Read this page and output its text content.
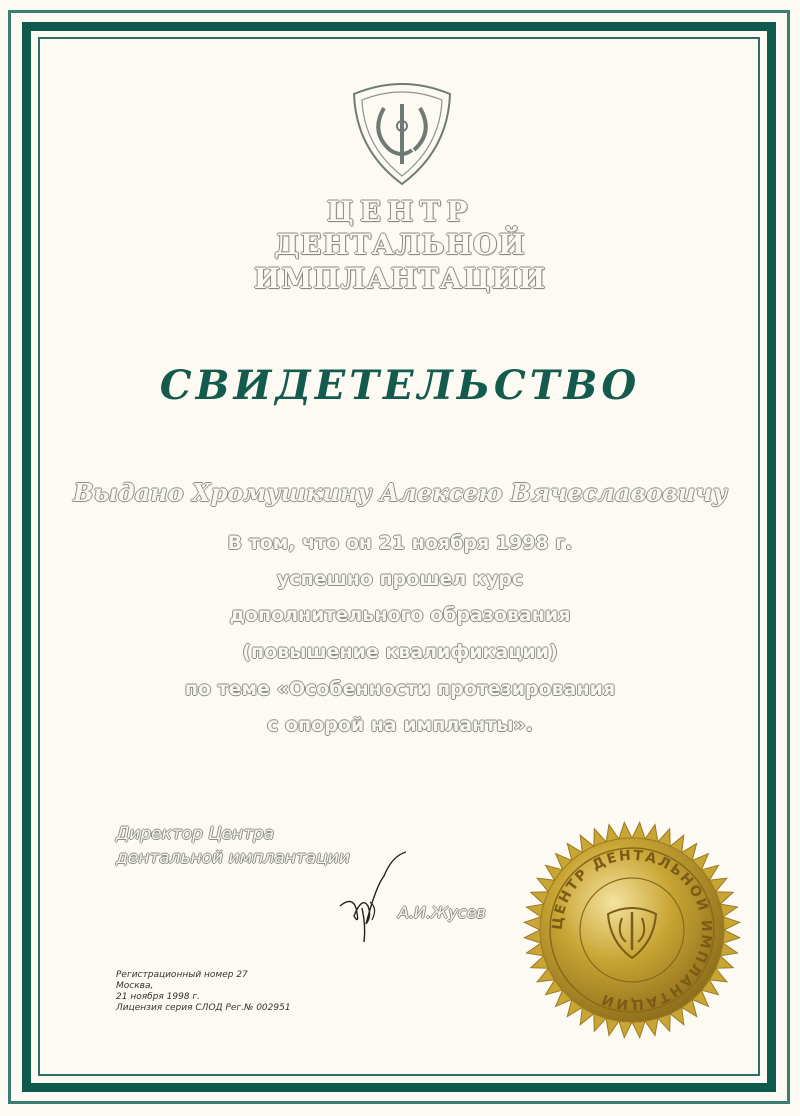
ЦЕНТР
ДЕНТАЛЬНОЙ
ИМПЛАНТАЦИИ
СВИДЕТЕЛЬСТВО
Выдано Хромушкину Алексею Вячеславовичу
В том, что он 21 ноября 1998 г.
успешно прошел курс
дополнительного образования
(повышение квалификации)
по теме «Особенности протезирования
с опорой на импланты».
Директор Центра
дентальной имплантации
А.И.Жусев
Регистрационный номер 27
Москва,
21 ноября 1998 г.
Лицензия серия СЛОД Рег.№ 002951
ЦЕНТР ДЕНТАЛЬНОЙ ИМПЛАНТАЦИИ
